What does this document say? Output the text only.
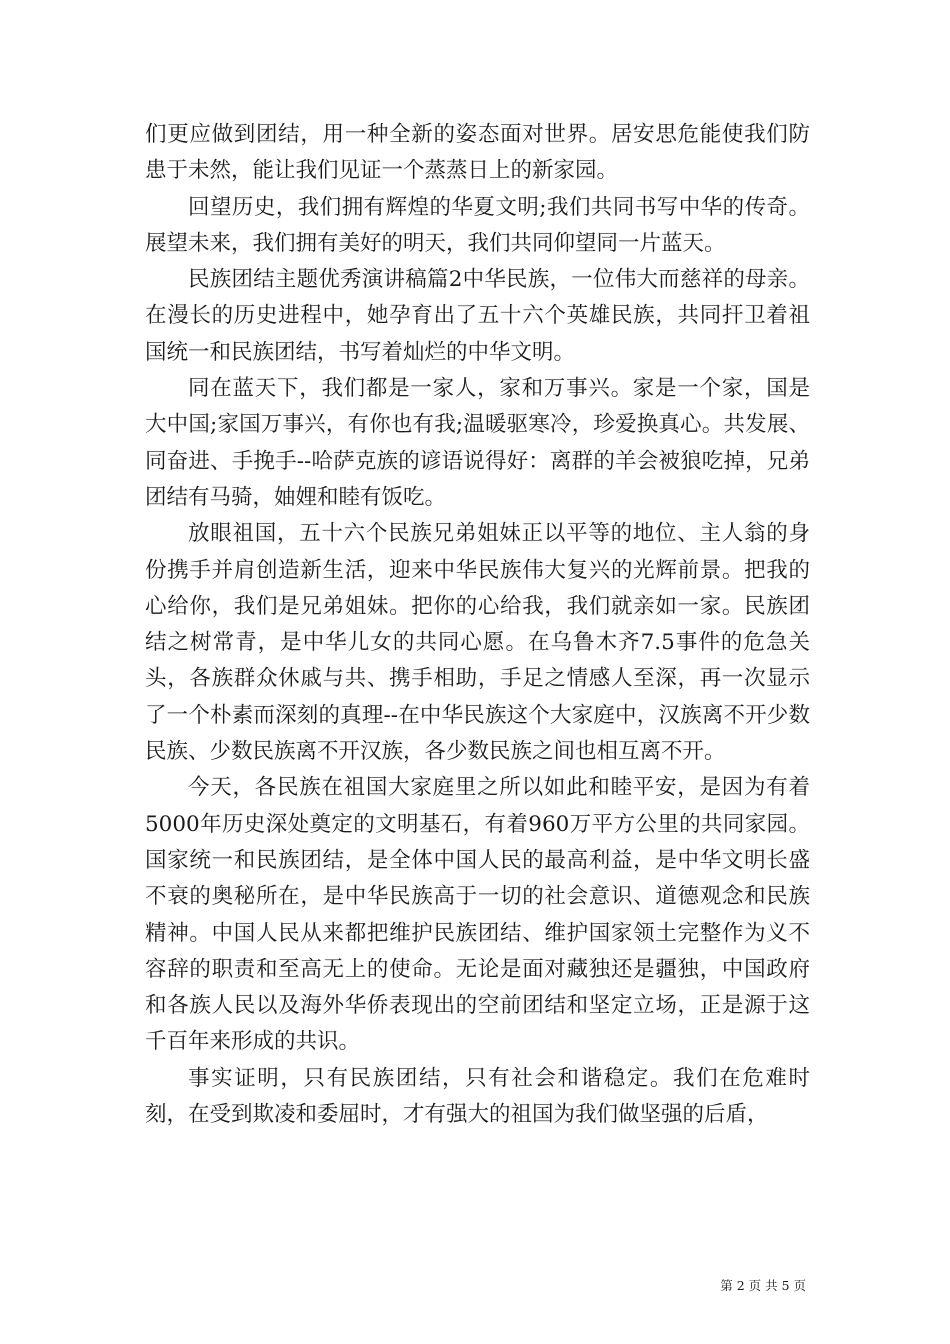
们更应做到团结，用一种全新的姿态面对世界。居安思危能使我们防患于未然，能让我们见证一个蒸蒸日上的新家园。

回望历史，我们拥有辉煌的华夏文明;我们共同书写中华的传奇。展望未来，我们拥有美好的明天，我们共同仰望同一片蓝天。

民族团结主题优秀演讲稿篇2中华民族，一位伟大而慈祥的母亲。在漫长的历史进程中，她孕育出了五十六个英雄民族，共同扞卫着祖国统一和民族团结，书写着灿烂的中华文明。

同在蓝天下，我们都是一家人，家和万事兴。家是一个家，国是大中国;家国万事兴，有你也有我;温暖驱寒冷，珍爱换真心。共发展、同奋进、手挽手--哈萨克族的谚语说得好：离群的羊会被狼吃掉，兄弟团结有马骑，妯娌和睦有饭吃。

放眼祖国，五十六个民族兄弟姐妹正以平等的地位、主人翁的身份携手并肩创造新生活，迎来中华民族伟大复兴的光辉前景。把我的心给你，我们是兄弟姐妹。把你的心给我，我们就亲如一家。民族团结之树常青，是中华儿女的共同心愿。在乌鲁木齐7.5事件的危急关头，各族群众休戚与共、携手相助，手足之情感人至深，再一次显示了一个朴素而深刻的真理--在中华民族这个大家庭中，汉族离不开少数民族、少数民族离不开汉族，各少数民族之间也相互离不开。

今天，各民族在祖国大家庭里之所以如此和睦平安，是因为有着5000年历史深处奠定的文明基石，有着960万平方公里的共同家园。国家统一和民族团结，是全体中国人民的最高利益，是中华文明长盛不衰的奥秘所在，是中华民族高于一切的社会意识、道德观念和民族精神。中国人民从来都把维护民族团结、维护国家领土完整作为义不容辞的职责和至高无上的使命。无论是面对藏独还是疆独，中国政府和各族人民以及海外华侨表现出的空前团结和坚定立场，正是源于这千百年来形成的共识。

事实证明，只有民族团结，只有社会和谐稳定。我们在危难时刻，在受到欺凌和委屈时，才有强大的祖国为我们做坚强的后盾，

第 2 页 共 5 页
